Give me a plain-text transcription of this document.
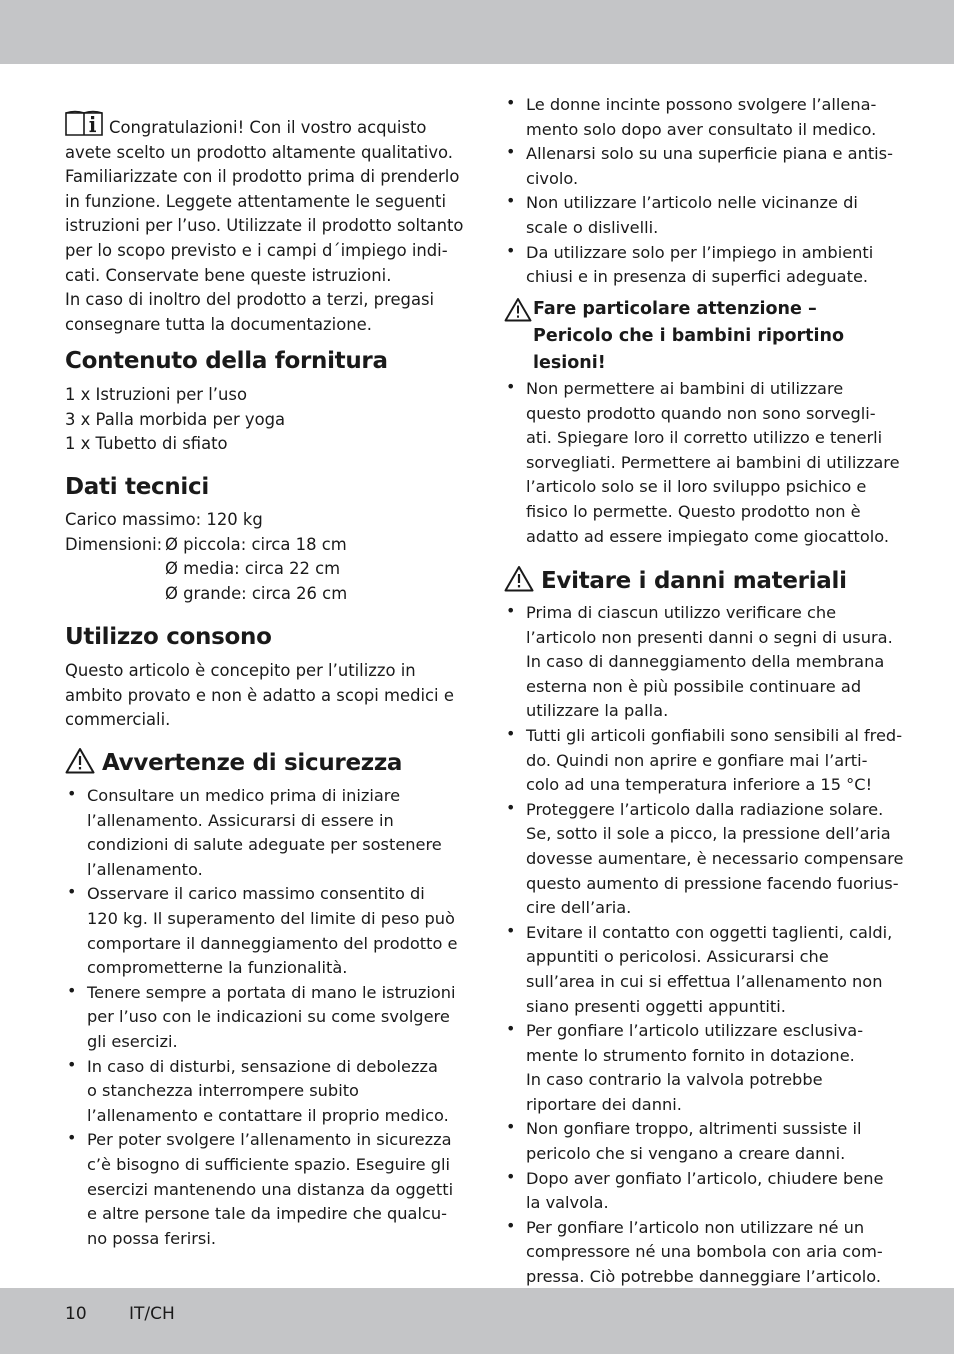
Congratulazioni! Con il vostro acquisto
avete scelto un prodotto altamente qualitativo.
Familiarizzate con il prodotto prima di prenderlo
in funzione. Leggete attentamente le seguenti
istruzioni per l’uso. Utilizzate il prodotto soltanto
per lo scopo previsto e i campi d´impiego indi-
cati. Conservate bene queste istruzioni.
In caso di inoltro del prodotto a terzi, pregasi
consegnare tutta la documentazione.
Contenuto della fornitura
1 x Istruzioni per l’uso
3 x Palla morbida per yoga
1 x Tubetto di sfiato
Dati tecnici
Carico massimo: 120 kg
Dimensioni: Ø piccola: circa 18 cm
Ø media: circa 22 cm
Ø grande: circa 26 cm
Utilizzo consono
Questo articolo è concepito per l’utilizzo in
ambito provato e non è adatto a scopi medici e
commerciali.
Avvertenze di sicurezza
• Consultare un medico prima di iniziare
l’allenamento. Assicurarsi di essere in
condizioni di salute adeguate per sostenere
l’allenamento.
• Osservare il carico massimo consentito di
120 kg. Il superamento del limite di peso può
comportare il danneggiamento del prodotto e
comprometterne la funzionalità.
• Tenere sempre a portata di mano le istruzioni
per l’uso con le indicazioni su come svolgere
gli esercizi.
• In caso di disturbi, sensazione di debolezza
o stanchezza interrompere subito
l’allenamento e contattare il proprio medico.
• Per poter svolgere l’allenamento in sicurezza
c’è bisogno di sufficiente spazio. Eseguire gli
esercizi mantenendo una distanza da oggetti
e altre persone tale da impedire che qualcu-
no possa ferirsi.
• Le donne incinte possono svolgere l’allena-
mento solo dopo aver consultato il medico.
• Allenarsi solo su una superficie piana e antis-
civolo.
• Non utilizzare l’articolo nelle vicinanze di
scale o dislivelli.
• Da utilizzare solo per l’impiego in ambienti
chiusi e in presenza di superfici adeguate.
Fare particolare attenzione –
Pericolo che i bambini riportino
lesioni!
• Non permettere ai bambini di utilizzare
questo prodotto quando non sono sorvegli-
ati. Spiegare loro il corretto utilizzo e tenerli
sorvegliati. Permettere ai bambini di utilizzare
l’articolo solo se il loro sviluppo psichico e
fisico lo permette. Questo prodotto non è
adatto ad essere impiegato come giocattolo.
Evitare i danni materiali
• Prima di ciascun utilizzo verificare che
l’articolo non presenti danni o segni di usura.
In caso di danneggiamento della membrana
esterna non è più possibile continuare ad
utilizzare la palla.
• Tutti gli articoli gonfiabili sono sensibili al fred-
do. Quindi non aprire e gonfiare mai l’arti-
colo ad una temperatura inferiore a 15 °C!
• Proteggere l’articolo dalla radiazione solare.
Se, sotto il sole a picco, la pressione dell’aria
dovesse aumentare, è necessario compensare
questo aumento di pressione facendo fuorius-
cire dell’aria.
• Evitare il contatto con oggetti taglienti, caldi,
appuntiti o pericolosi. Assicurarsi che
sull’area in cui si effettua l’allenamento non
siano presenti oggetti appuntiti.
• Per gonfiare l’articolo utilizzare esclusiva-
mente lo strumento fornito in dotazione.
In caso contrario la valvola potrebbe
riportare dei danni.
• Non gonfiare troppo, altrimenti sussiste il
pericolo che si vengano a creare danni.
• Dopo aver gonfiato l’articolo, chiudere bene
la valvola.
• Per gonfiare l’articolo non utilizzare né un
compressore né una bombola con aria com-
pressa. Ciò potrebbe danneggiare l’articolo.
10 IT/CH
